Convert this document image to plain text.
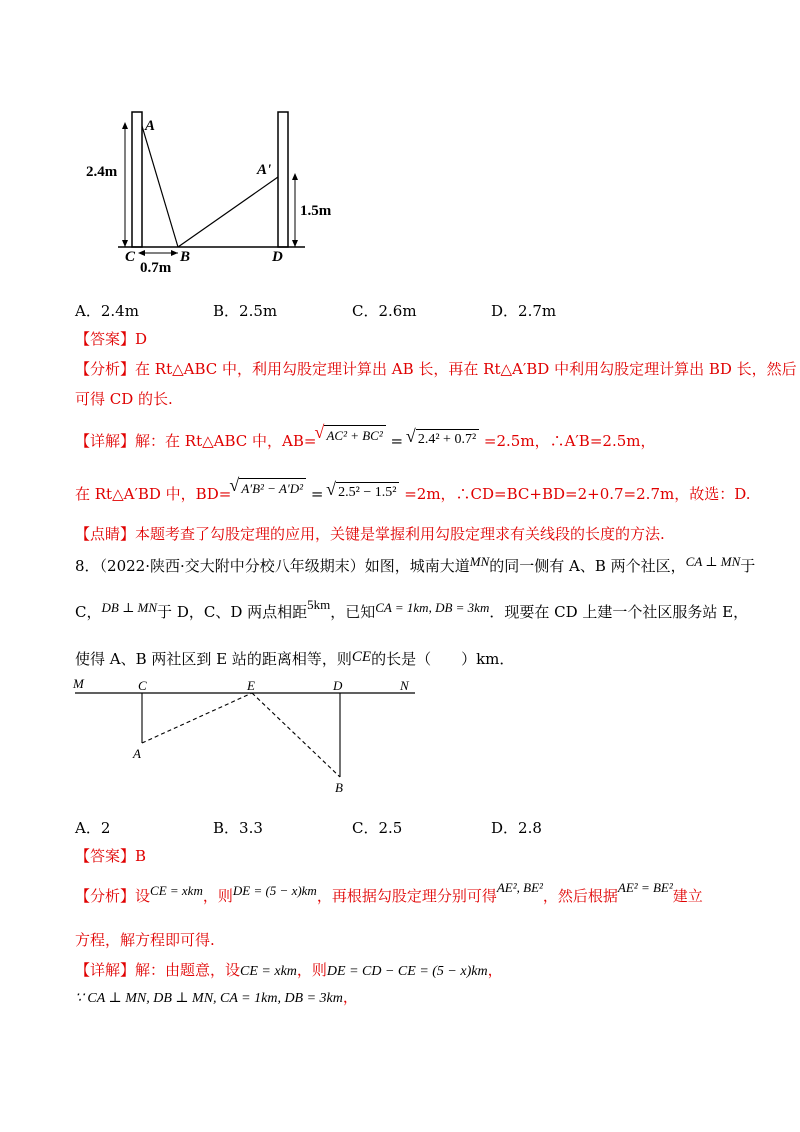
A
A'
2.4m
1.5m
C	B	D
0.7m
A．2.4m	B．2.5m	C．2.6m	D．2.7m
【答案】D
【分析】在 Rt△ABC 中，利用勾股定理计算出 AB 长，再在 Rt△A′BD 中利用勾股定理计算出 BD 长，然后
可得 CD 的长.
【详解】解：在 Rt△ABC 中，AB= √ AC² + BC² = √ 2.4² + 0.7² =2.5m，∴A′B=2.5m，
在 Rt△A′BD 中，BD= √ A′B² − A′D² = √ 2.5² − 1.5² =2m，∴CD=BC+BD=2+0.7=2.7m，故选：D.
【点睛】本题考查了勾股定理的应用，关键是掌握利用勾股定理求有关线段的长度的方法.
8．（2022·陕西·交大附中分校八年级期末）如图，城南大道MN的同一侧有 A、B 两个社区，CA ⊥ MN于
C，DB ⊥ MN于 D，C、D 两点相距5km，已知CA = 1km, DB = 3km．现要在 CD 上建一个社区服务站 E，
使得 A、B 两社区到 E 站的距离相等，则CE的长是（　　）km．
M	C	E	D	N
A
B
A．2	B．3.3	C．2.5	D．2.8
【答案】B
【分析】设CE = xkm，则DE = (5 − x)km，再根据勾股定理分别可得AE², BE²，然后根据AE² = BE²建立
方程，解方程即可得.
【详解】解：由题意，设CE = xkm，则DE = CD − CE = (5 − x)km，
∵ CA ⊥ MN, DB ⊥ MN, CA = 1km, DB = 3km，
